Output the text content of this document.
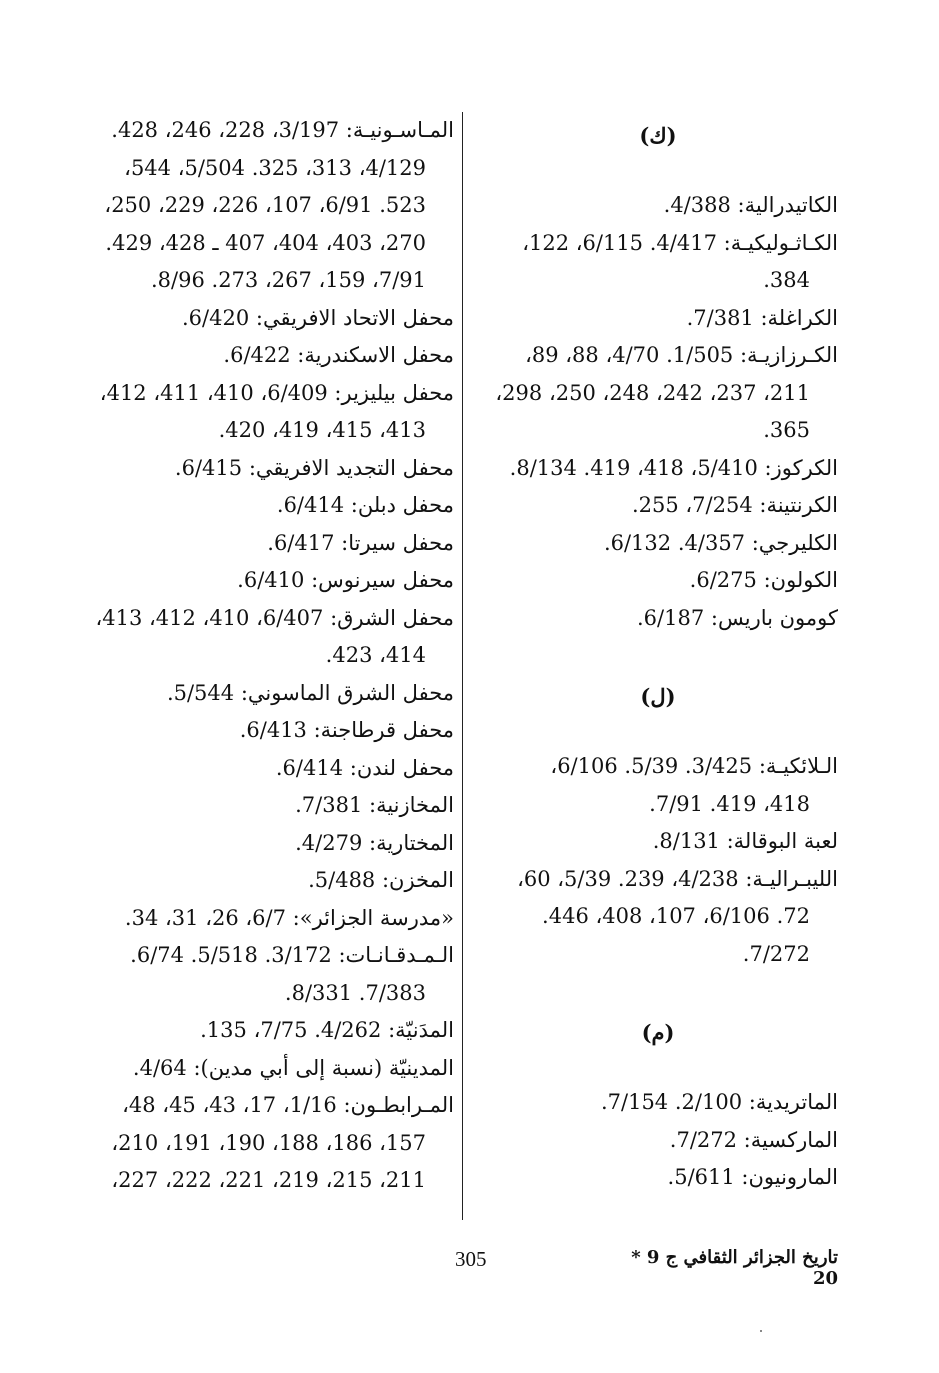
(ك)
الكاتيدرالية: 4/388.
الكـاثـوليكيـة: 4/417. 6/115، 122،
384.
الكراغلة: 7/381.
الكـرزازيـة: 1/505. 4/70، 88، 89،
211، 237، 242، 248، 250، 298،
365.
الكركوز: 5/410، 418، 419. 8/134.
الكرنتينة: 7/254، 255.
الكليرجي: 4/357. 6/132.
الكولون: 6/275.
كومون باريس: 6/187.
(ل)
الـلائكيـة: 3/425. 5/39. 6/106،
418، 419. 7/91.
لعبة البوقالة: 8/131.
الليبـراليـة: 4/238، 239. 5/39، 60،
72. 6/106، 107، 408، 446.
7/272.
(م)
الماتريدية: 2/100. 7/154.
الماركسية: 7/272.
المارونيون: 5/611.
المـاسـونيـة: 3/197، 228، 246، 428.
4/129، 313، 325. 5/504، 544،
523. 6/91، 107، 226، 229، 250،
270، 403، 404، 407 ـ 428، 429.
7/91، 159، 267، 273. 8/96.
محفل الاتحاد الافريقي: 6/420.
محفل الاسكندرية: 6/422.
محفل بيليزير: 6/409، 410، 411، 412،
413، 415، 419، 420.
محفل التجديد الافريقي: 6/415.
محفل دبلن: 6/414.
محفل سيرتا: 6/417.
محفل سيرنوس: 6/410.
محفل الشرق: 6/407، 410، 412، 413،
414، 423.
محفل الشرق الماسوني: 5/544.
محفل قرطاجنة: 6/413.
محفل لندن: 6/414.
المخازنية: 7/381.
المختارية: 4/279.
المخزن: 5/488.
«مدرسة الجزائر»: 6/7، 26، 31، 34.
الـمـدقـانـات: 3/172. 5/518. 6/74.
7/383. 8/331.
المدَنيّة: 4/262. 7/75، 135.
المدينيّة (نسبة إلى أبي مدين): 4/64.
المـرابطـون: 1/16، 17، 43، 45، 48،
157، 186، 188، 190، 191، 210،
211، 215، 219، 221، 222، 227،
305	تاريخ الجزائر الثقافي ج 9 * 20
